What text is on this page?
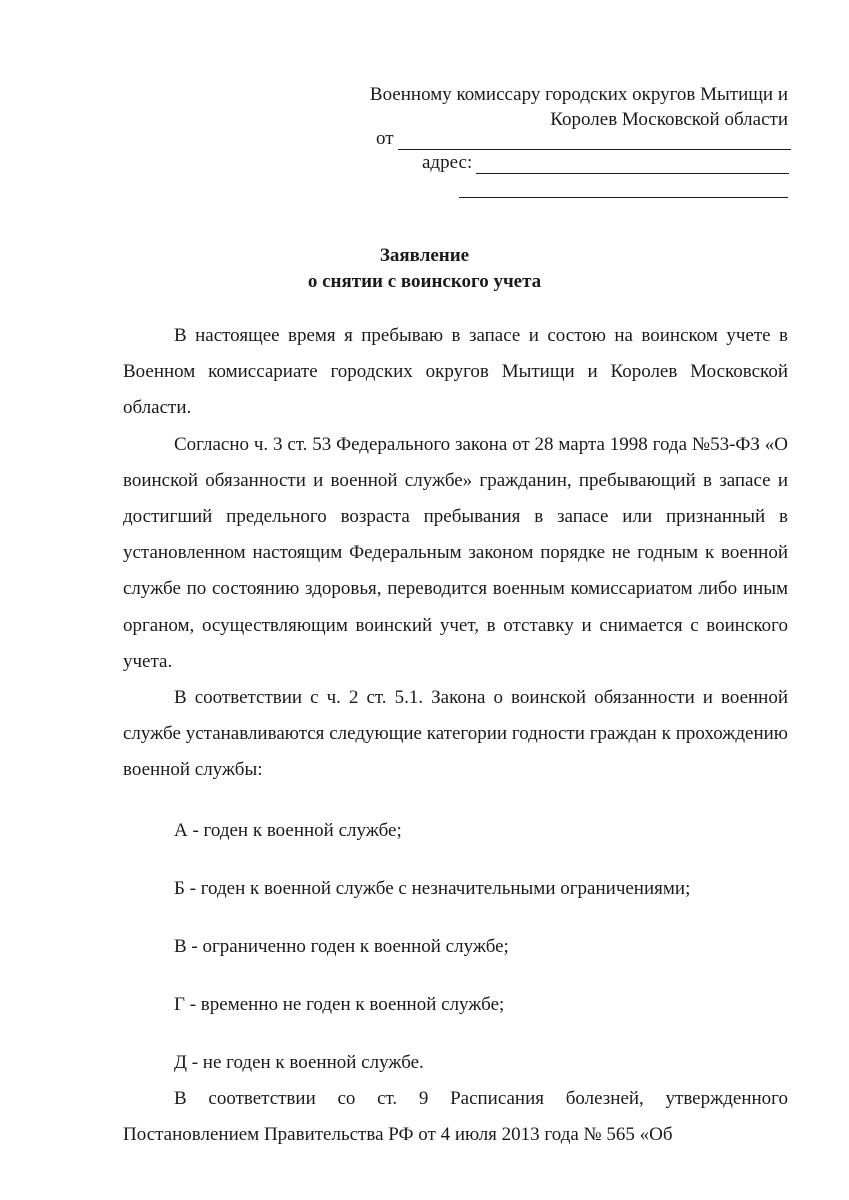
Военному комиссару городских округов Мытищи и
Королев Московской области
от
адрес:
Заявление
о снятии с воинского учета

В настоящее время я пребываю в запасе и состою на воинском учете в Военном комиссариате городских округов Мытищи и Королев Московской области.

Согласно ч. 3 ст. 53 Федерального закона от 28 марта 1998 года №53-ФЗ «О воинской обязанности и военной службе» гражданин, пребывающий в запасе и достигший предельного возраста пребывания в запасе или признанный в установленном настоящим Федеральным законом порядке не годным к военной службе по состоянию здоровья, переводится военным комиссариатом либо иным органом, осуществляющим воинский учет, в отставку и снимается с воинского учета.

В соответствии с ч. 2 ст. 5.1. Закона о воинской обязанности и военной службе устанавливаются следующие категории годности граждан к прохождению военной службы:

А - годен к военной службе;
Б - годен к военной службе с незначительными ограничениями;
В - ограниченно годен к военной службе;
Г - временно не годен к военной службе;
Д - не годен к военной службе.

В соответствии со ст. 9 Расписания болезней, утвержденного Постановлением Правительства РФ от 4 июля 2013 года № 565 «Об
